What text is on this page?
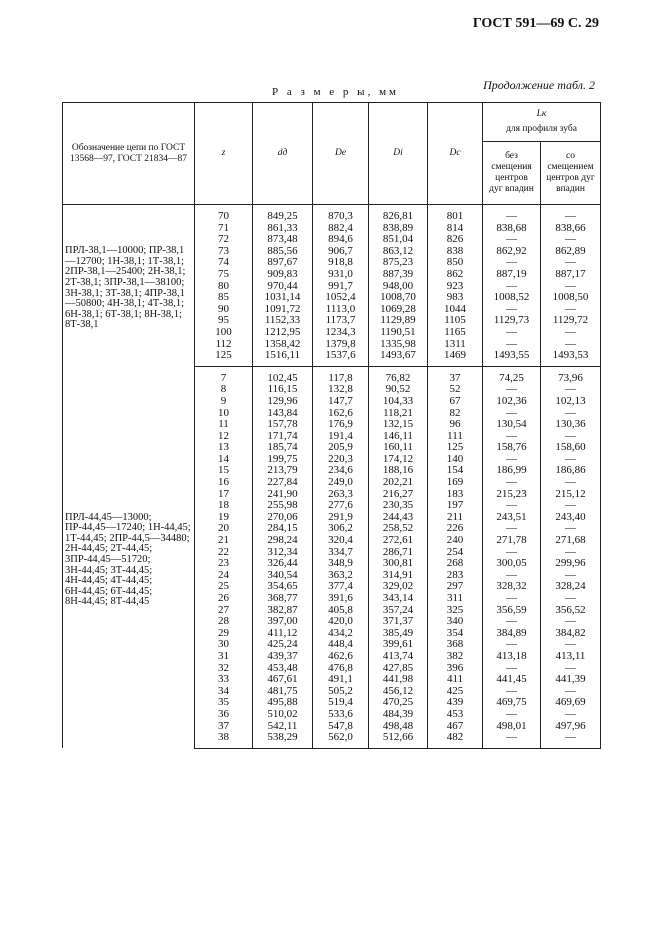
ГОСТ 591—69 С. 29
Продолжение табл. 2
Р а з м е р ы, мм
Обозначение цепи по ГОСТ 13568—97, ГОСТ 21834—87	z	dд	De	Di	Dc	Lк
для профиля зуба	

						без смещения центров дуг впадин	со смещением центров дуг впадин
ПРЛ-38,1—10000; ПР-38,1—12700; 1Н-38,1; 1Т-38,1; 2ПР-38,1—25400; 2Н-38,1; 2Т-38,1; 3ПР-38,1—38100; 3Н-38,1; 3Т-38,1; 4ПР-38,1—50800; 4Н-38,1; 4Т-38,1; 6Н-38,1; 6Т-38,1; 8Н-38,1; 8Т-38,1	70	849,25	870,3	826,81	801	—	—
	71	861,33	882,4	838,89	814	838,68	838,66
	72	873,48	894,6	851,04	826	—	—
	73	885,56	906,7	863,12	838	862,92	862,89
	74	897,67	918,8	875,23	850	—	—
	75	909,83	931,0	887,39	862	887,19	887,17
	80	970,44	991,7	948,00	923	—	—
	85	1031,14	1052,4	1008,70	983	1008,52	1008,50
	90	1091,72	1113,0	1069,28	1044	—	—
	95	1152,33	1173,7	1129,89	1105	1129,73	1129,72
	100	1212,95	1234,3	1190,51	1165	—	—
	112	1358,42	1379,8	1335,98	1311	—	—
	125	1516,11	1537,6	1493,67	1469	1493,55	1493,53
ПРЛ-44,45—13000; ПР-44,45—17240; 1Н-44,45; 1Т-44,45; 2ПР-44,5—34480; 2Н-44,45; 2Т-44,45; 3ПР-44,45—51720; 3Н-44,45; 3Т-44,45; 4Н-44,45; 4Т-44,45; 6Н-44,45; 6Т-44,45; 8Н-44,45; 8Т-44,45	7	102,45	117,8	76,82	37	74,25	73,96
	8	116,15	132,8	90,52	52	—	—
	9	129,96	147,7	104,33	67	102,36	102,13
	10	143,84	162,6	118,21	82	—	—
	11	157,78	176,9	132,15	96	130,54	130,36
	12	171,74	191,4	146,11	111	—	—
	13	185,74	205,9	160,11	125	158,76	158,60
	14	199,75	220,3	174,12	140	—	—
	15	213,79	234,6	188,16	154	186,99	186,86
	16	227,84	249,0	202,21	169	—	—
	17	241,90	263,3	216,27	183	215,23	215,12
	18	255,98	277,6	230,35	197	—	—
	19	270,06	291,9	244,43	211	243,51	243,40
	20	284,15	306,2	258,52	226	—	—
	21	298,24	320,4	272,61	240	271,78	271,68
	22	312,34	334,7	286,71	254	—	—
	23	326,44	348,9	300,81	268	300,05	299,96
	24	340,54	363,2	314,91	283	—	—
	25	354,65	377,4	329,02	297	328,32	328,24
	26	368,77	391,6	343,14	311	—	—
	27	382,87	405,8	357,24	325	356,59	356,52
	28	397,00	420,0	371,37	340	—	—
	29	411,12	434,2	385,49	354	384,89	384,82
	30	425,24	448,4	399,61	368	—	—
	31	439,37	462,6	413,74	382	413,18	413,11
	32	453,48	476,8	427,85	396	—	—
	33	467,61	491,1	441,98	411	441,45	441,39
	34	481,75	505,2	456,12	425	—	—
	35	495,88	519,4	470,25	439	469,75	469,69
	36	510,02	533,6	484,39	453	—	—
	37	542,11	547,8	498,48	467	498,01	497,96
	38	538,29	562,0	512,66	482	—	—
